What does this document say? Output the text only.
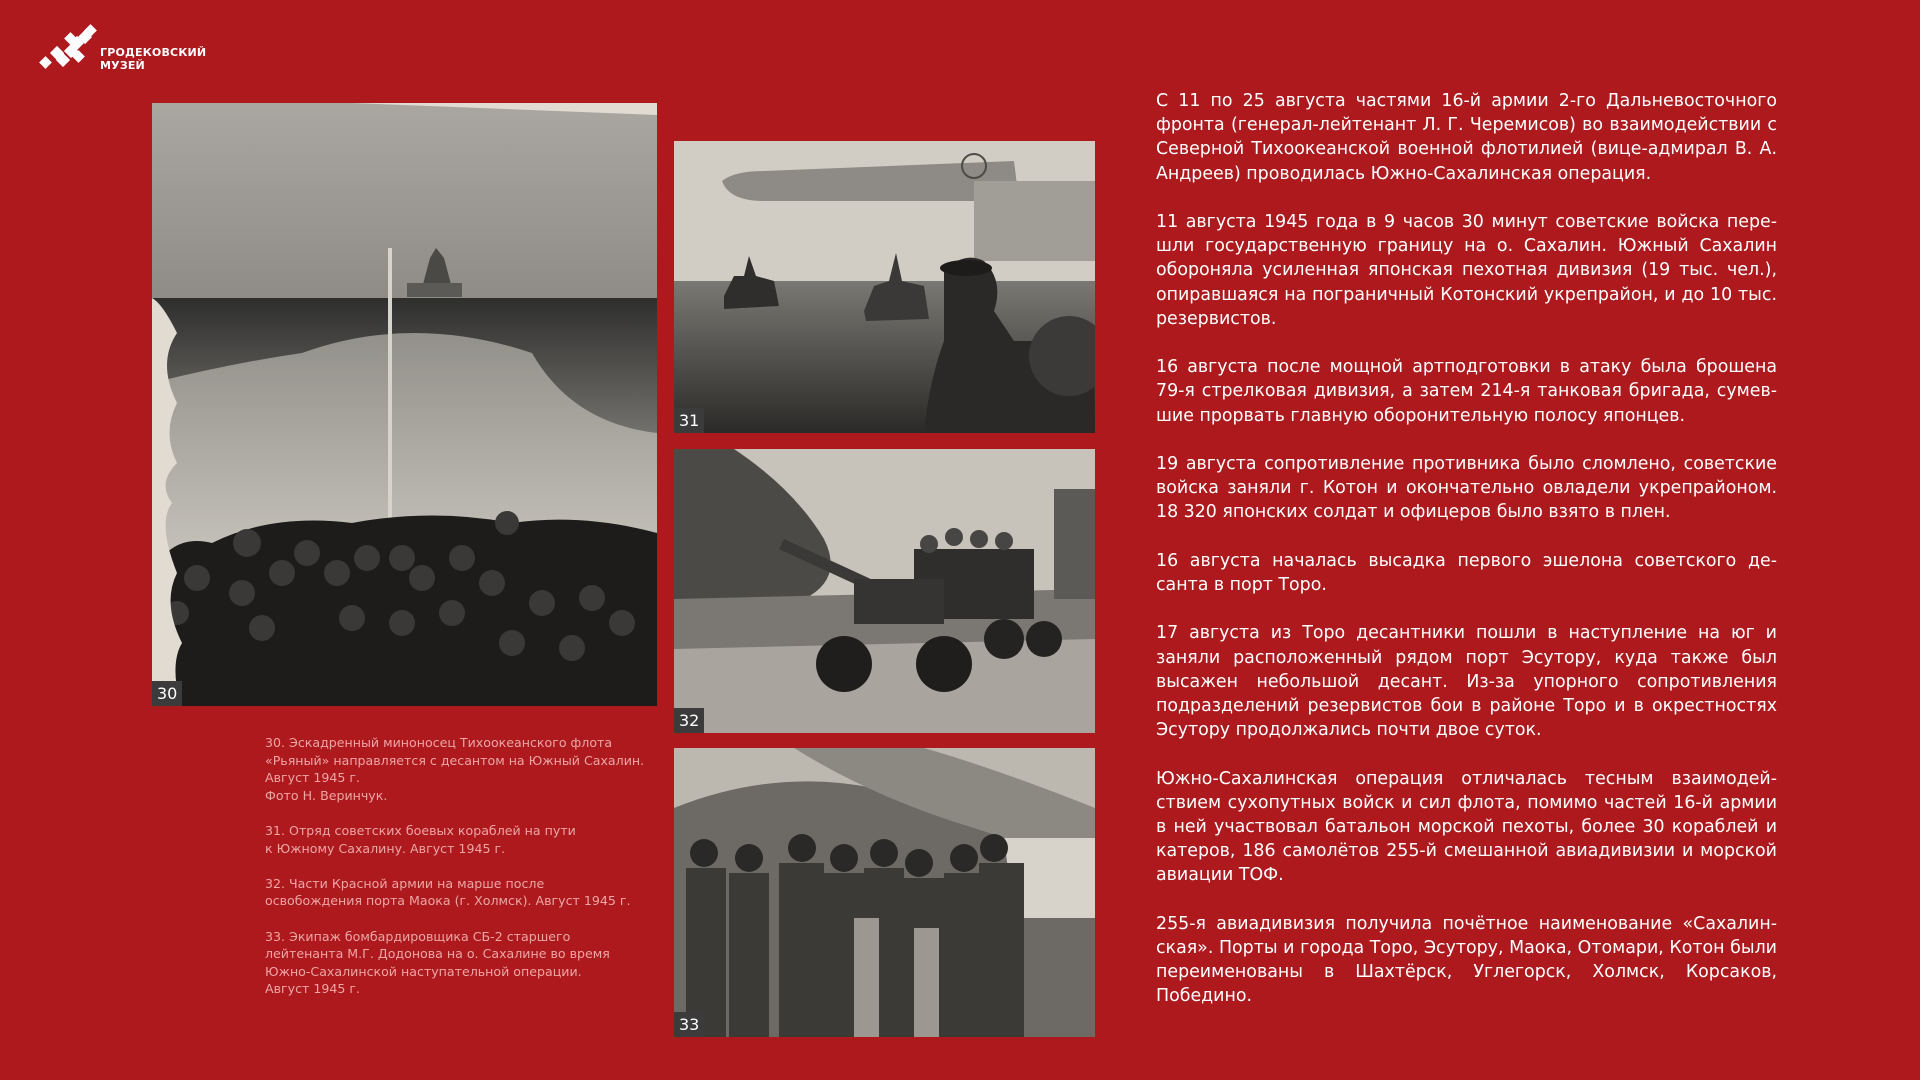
ГРОДЕКОВСКИЙ
МУЗЕЙ
30
31
32
33

30. Эскадренный миноносец Тихоокеанского флота
«Рьяный» направляется с десантом на Южный Сахалин.
Август 1945 г.
Фото Н. Веринчук.

31. Отряд советских боевых кораблей на пути
к Южному Сахалину. Август 1945 г.

32. Части Красной армии на марше после
освобождения порта Маока (г. Холмск). Август 1945 г.

33. Экипаж бомбардировщика СБ-2 старшего
лейтенанта М.Г. Додонова на о. Сахалине во время
Южно-Сахалинской наступательной операции.
Август 1945 г.

С 11 по 25 августа частями 16-й армии 2-го Дальневосточного фронта (генерал-лейтенант Л. Г. Черемисов) во взаимодействии с Северной Тихоокеанской военной флотилией (вице-адмирал В. А. Андреев) проводилась Южно-Сахалинская операция.

11 августа 1945 года в 9 часов 30 минут советские войска перешли государственную границу на о. Сахалин. Южный Сахалин обороняла усиленная японская пехотная дивизия (19 тыс. чел.), опиравшаяся на пограничный Котонский укрепрайон, и до 10 тыс. резервистов.

16 августа после мощной артподготовки в атаку была брошена 79-я стрелковая дивизия, а затем 214-я танковая бригада, сумевшие прорвать главную оборонительную полосу японцев.

19 августа сопротивление противника было сломлено, советские войска заняли г. Котон и окончательно овладели укрепрайоном. 18 320 японских солдат и офицеров было взято в плен.

16 августа началась высадка первого эшелона советского десанта в порт Торо.

17 августа из Торо десантники пошли в наступление на юг и заняли расположенный рядом порт Эсутору, куда также был высажен небольшой десант. Из-за упорного сопротивления подразделений резервистов бои в районе Торо и в окрестностях Эсутору продолжались почти двое суток.

Южно-Сахалинская операция отличалась тесным взаимодействием сухопутных войск и сил флота, помимо частей 16-й армии в ней участвовал батальон морской пехоты, более 30 кораблей и катеров, 186 самолётов 255-й смешанной авиадивизии и морской авиации ТОФ.

255-я авиадивизия получила почётное наименование «Сахалинская». Порты и города Торо, Эсутору, Маока, Отомари, Котон были переименованы в Шахтёрск, Углегорск, Холмск, Корсаков, Победино.
